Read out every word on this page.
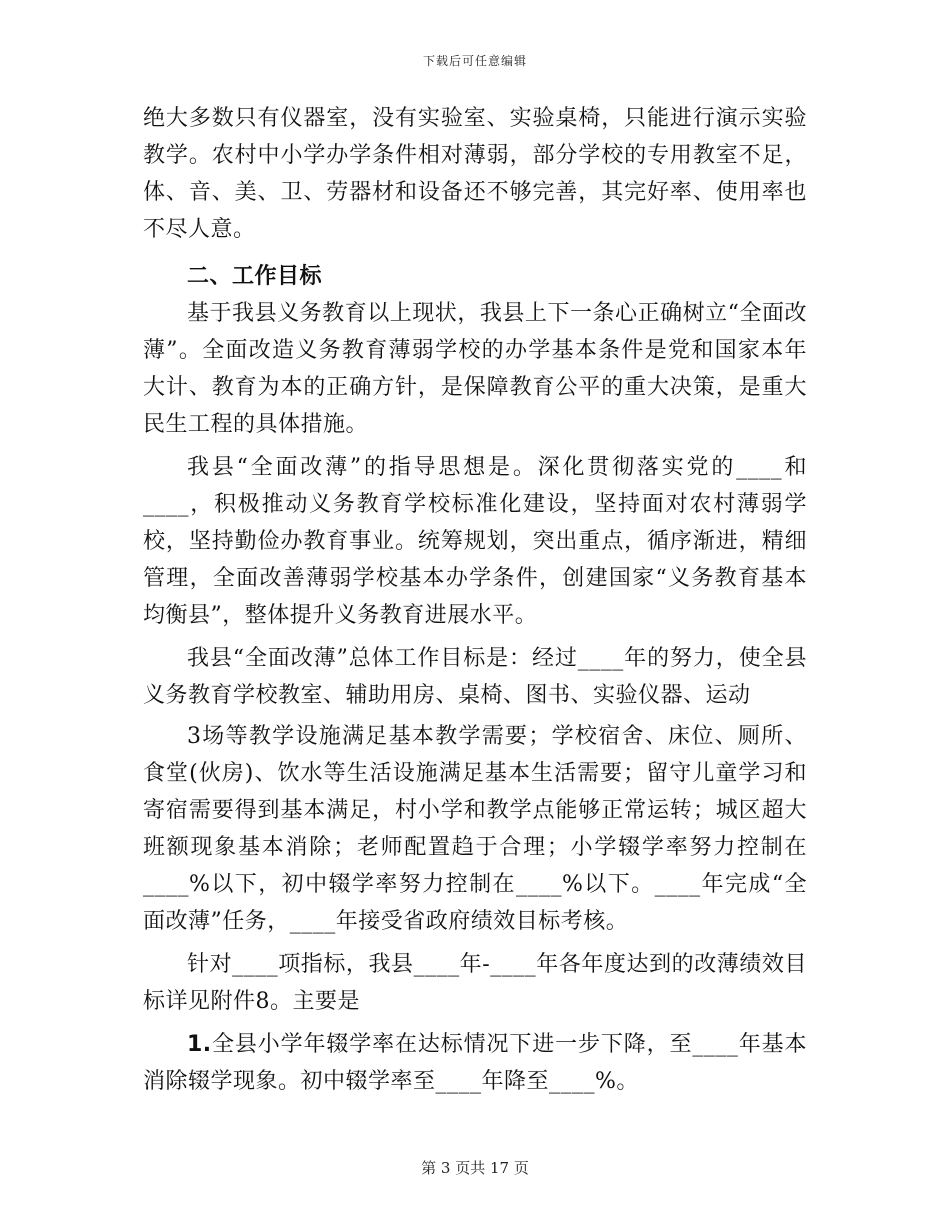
下载后可任意编辑

绝大多数只有仪器室，没有实验室、实验桌椅，只能进行演示实验教学。农村中小学办学条件相对薄弱，部分学校的专用教室不足，体、音、美、卫、劳器材和设备还不够完善，其完好率、使用率也不尽人意。

二、工作目标

基于我县义务教育以上现状，我县上下一条心正确树立“全面改薄”。全面改造义务教育薄弱学校的办学基本条件是党和国家本年大计、教育为本的正确方针，是保障教育公平的重大决策，是重大民生工程的具体措施。

我县“全面改薄”的指导思想是。深化贯彻落实党的____和____，积极推动义务教育学校标准化建设，坚持面对农村薄弱学校，坚持勤俭办教育事业。统筹规划，突出重点，循序渐进，精细管理，全面改善薄弱学校基本办学条件，创建国家“义务教育基本均衡县”，整体提升义务教育进展水平。

我县“全面改薄”总体工作目标是：经过____年的努力，使全县义务教育学校教室、辅助用房、桌椅、图书、实验仪器、运动

3场等教学设施满足基本教学需要；学校宿舍、床位、厕所、食堂(伙房)、饮水等生活设施满足基本生活需要；留守儿童学习和寄宿需要得到基本满足，村小学和教学点能够正常运转；城区超大班额现象基本消除；老师配置趋于合理；小学辍学率努力控制在____%以下，初中辍学率努力控制在____%以下。____年完成“全面改薄”任务，____年接受省政府绩效目标考核。

针对____项指标，我县____年-____年各年度达到的改薄绩效目标详见附件8。主要是

1.全县小学年辍学率在达标情况下进一步下降，至____年基本消除辍学现象。初中辍学率至____年降至____%。

第 3 页共 17 页
